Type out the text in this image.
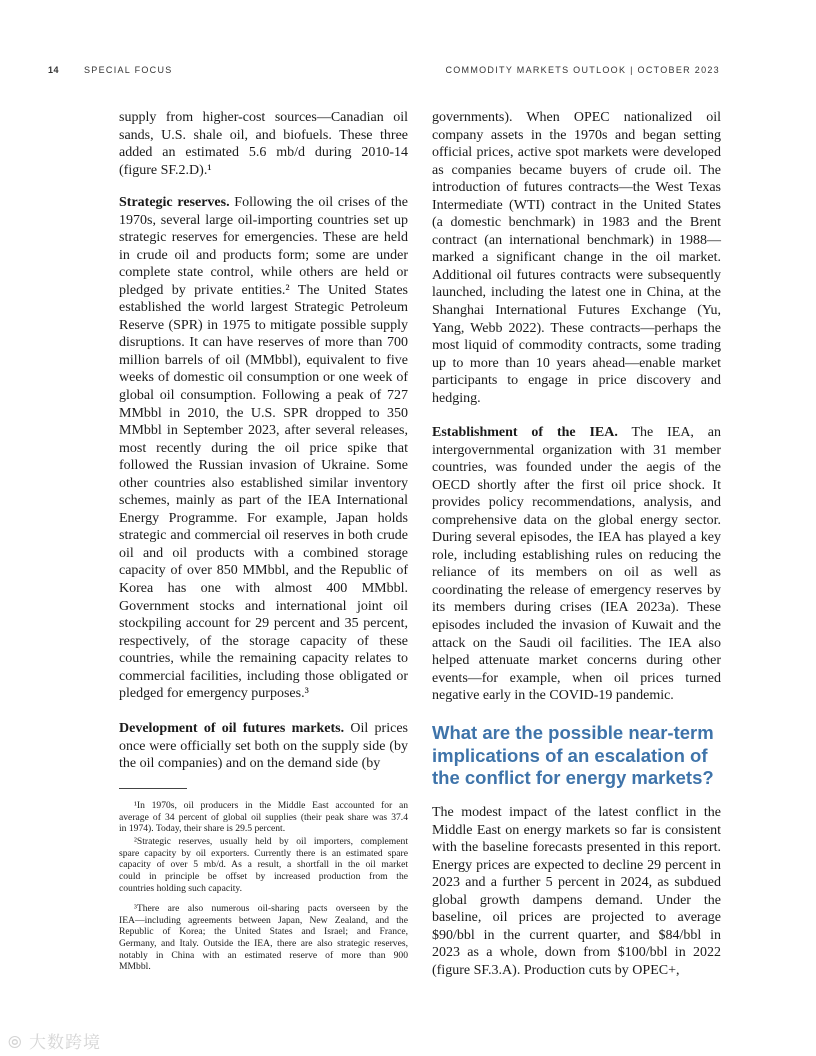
14	SPECIAL FOCUS	COMMODITY MARKETS OUTLOOK | OCTOBER 2023
supply from higher-cost sources—Canadian oil
sands, U.S. shale oil, and biofuels. These three
added an estimated 5.6 mb/d during 2010-14
(figure SF.2.D).¹
Strategic reserves. Following the oil crises of the
1970s, several large oil-importing countries set up
strategic reserves for emergencies. These are held
in crude oil and products form; some are under
complete state control, while others are held or
pledged by private entities.² The United States
established the world largest Strategic Petroleum
Reserve (SPR) in 1975 to mitigate possible supply
disruptions. It can have reserves of more than 700
million barrels of oil (MMbbl), equivalent to five
weeks of domestic oil consumption or one week of
global oil consumption. Following a peak of 727
MMbbl in 2010, the U.S. SPR dropped to 350
MMbbl in September 2023, after several releases,
most recently during the oil price spike that
followed the Russian invasion of Ukraine. Some
other countries also established similar inventory
schemes, mainly as part of the IEA International
Energy Programme. For example, Japan holds
strategic and commercial oil reserves in both crude
oil and oil products with a combined storage
capacity of over 850 MMbbl, and the Republic of
Korea has one with almost 400 MMbbl.
Government stocks and international joint oil
stockpiling account for 29 percent and 35 percent,
respectively, of the storage capacity of these
countries, while the remaining capacity relates to
commercial facilities, including those obligated or
pledged for emergency purposes.³
Development of oil futures markets. Oil prices
once were officially set both on the supply side (by
the oil companies) and on the demand side (by
governments). When OPEC nationalized oil
company assets in the 1970s and began setting
official prices, active spot markets were developed
as companies became buyers of crude oil. The
introduction of futures contracts—the West Texas
Intermediate (WTI) contract in the United States
(a domestic benchmark) in 1983 and the Brent
contract (an international benchmark) in 1988—
marked a significant change in the oil market.
Additional oil futures contracts were subsequently
launched, including the latest one in China, at the
Shanghai International Futures Exchange (Yu,
Yang, Webb 2022). These contracts—perhaps the
most liquid of commodity contracts, some trading
up to more than 10 years ahead—enable market
participants to engage in price discovery and
hedging.
Establishment of the IEA. The IEA, an
intergovernmental organization with 31 member
countries, was founded under the aegis of the
OECD shortly after the first oil price shock. It
provides policy recommendations, analysis, and
comprehensive data on the global energy sector.
During several episodes, the IEA has played a key
role, including establishing rules on reducing the
reliance of its members on oil as well as
coordinating the release of emergency reserves by
its members during crises (IEA 2023a). These
episodes included the invasion of Kuwait and the
attack on the Saudi oil facilities. The IEA also
helped attenuate market concerns during other
events—for example, when oil prices turned
negative early in the COVID-19 pandemic.
The modest impact of the latest conflict in the
Middle East on energy markets so far is consistent
with the baseline forecasts presented in this report.
Energy prices are expected to decline 29 percent in
2023 and a further 5 percent in 2024, as subdued
global growth dampens demand. Under the
baseline, oil prices are projected to average
$90/bbl in the current quarter, and $84/bbl in
2023 as a whole, down from $100/bbl in 2022
(figure SF.3.A). Production cuts by OPEC+,
What are the possible near-term
implications of an escalation of
the conflict for energy markets?
¹In 1970s, oil producers in the Middle East accounted for an
average of 34 percent of global oil supplies (their peak share was 37.4
in 1974). Today, their share is 29.5 percent.
²Strategic reserves, usually held by oil importers, complement
spare capacity by oil exporters. Currently there is an estimated spare
capacity of over 5 mb/d. As a result, a shortfall in the oil market
could in principle be offset by increased production from the
countries holding such capacity.
³There are also numerous oil-sharing pacts overseen by the
IEA—including agreements between Japan, New Zealand, and the
Republic of Korea; the United States and Israel; and France,
Germany, and Italy. Outside the IEA, there are also strategic reserves,
notably in China with an estimated reserve of more than 900
MMbbl.
⦾ 大数跨境
